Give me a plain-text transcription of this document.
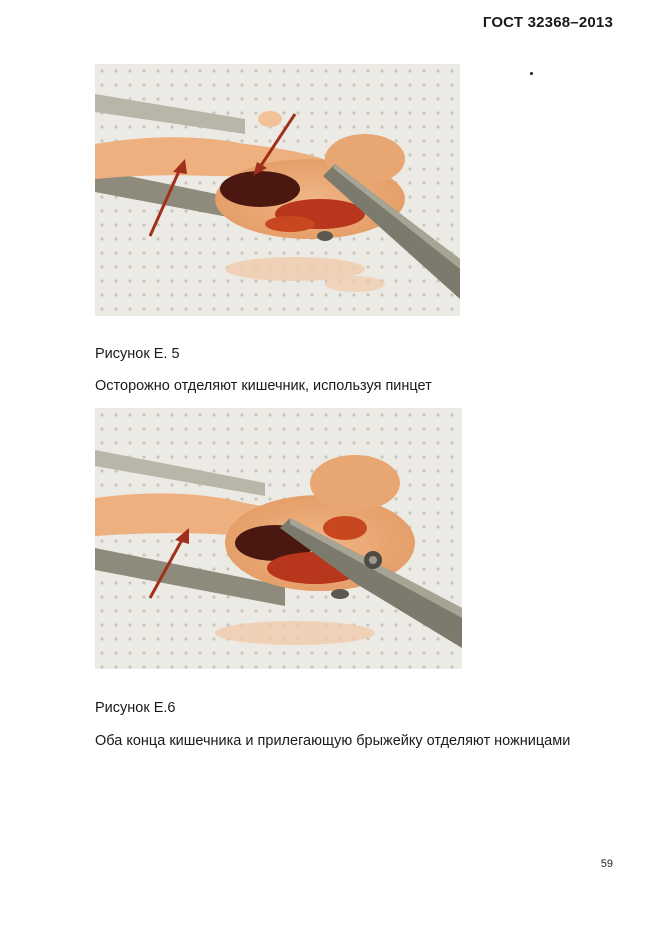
ГОСТ 32368–2013
Рисунок Е. 5
Осторожно отделяют кишечник, используя пинцет
Рисунок Е.6
Оба конца кишечника и прилегающую брыжейку отделяют ножницами
59
